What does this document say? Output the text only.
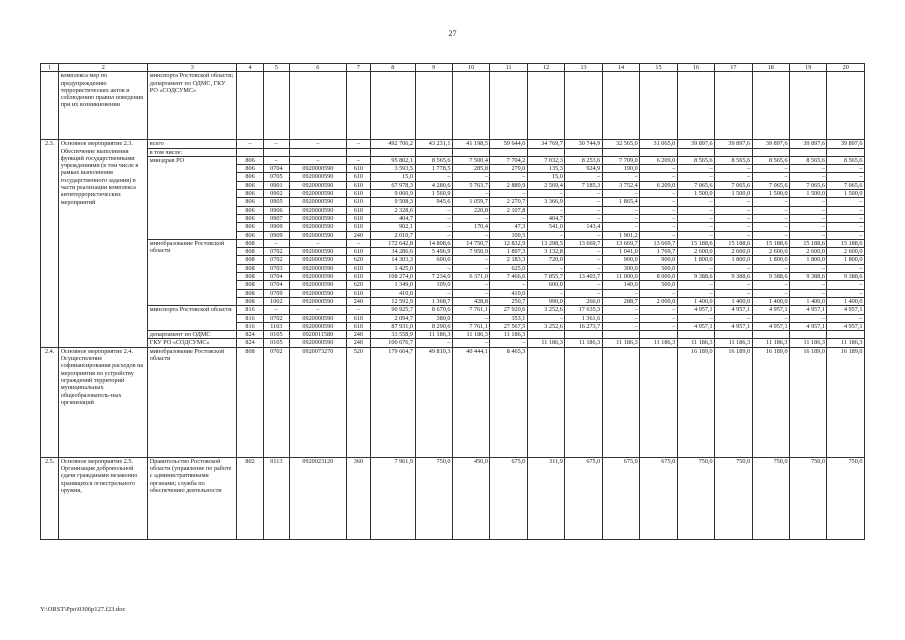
27
1	2	3	4	5	6	7	8	9	10	11	12	13	14	15	16	17	18	19	20
	комплекса мер по предупреждению террористических актов и соблюдению правил поведения при их возникновении	минспорта Ростовской области; департамент по ОДМС, ГКУ РО «СОДСУМС»																	
2.3.	Основное мероприятие 2.3. Обеспечение выполнения функций государственными учреждениями (в том числе в рамках выполнения государственного задания) в части реализации комплекса антитеррористических мероприятий	всего	–	–	–	–	492 706,2	43 231,1	41 198,5	59 644,0	34 769,7	30 744,9	32 565,0	31 065,0	39 897,6	39 897,6	39 897,6	39 897,6	39 897,6
		в том числе:																	
		минздрав РО	806	–	–	–	95 802,1	8 565,6	7 500,4	7 704,2	7 032,3	8 253,6	7 709,0	6 209,0	8 565,6	8 565,6	8 565,6	8 565,6	8 565,6
			806	0704	0920000590	610	3 593,5	1 778,5	285,8	279,0	135,3	924,9	190,0	–	–	–	–	–	–
			806	0705	0920000590	610	15,0	–	–	–	15,0	–	–	–	–	–	–	–	–
			806	0901	0920000590	610	67 978,3	4 280,6	5 763,7	2 889,9	2 569,4	7 185,3	3 752,4	6 209,0	7 065,6	7 065,6	7 065,6	7 065,6	7 065,6
			806	0902	0920000590	610	9 060,9	1 560,9	–	–	–	–	–	–	1 500,0	1 500,0	1 500,0	1 500,0	1 500,0
			806	0905	0920000590	610	9 508,3	945,6	1 059,7	2 270,7	3 366,9	–	1 865,4	–	–	–	–	–	–
			806	0906	0920000590	610	2 328,6	–	220,8	2 107,8	–	–	–	–	–	–	–	–	–
			806	0907	0920000590	610	404,7	–	–	–	404,7	–	–	–	–	–	–	–	–
			806	0909	0920000590	610	902,1	–	170,4	47,3	541,0	143,4	–	–	–	–	–	–	–
			806	0909	0920000590	240	2 010,7	–	–	109,5	–	–	1 901,2	–	–	–	–	–	–
		минобразование Ростовской области	808	–	–	–	172 642,8	14 808,6	14 750,7	12 832,9	13 298,5	13 669,7	13 669,7	13 669,7	15 188,6	15 188,6	15 188,6	15 188,6	15 188,6
			808	0702	0920000590	610	34 286,6	5 496,9	7 950,9	1 897,3	3 132,8	–	1 041,0	1 769,7	2 600,0	2 600,0	2 600,0	2 600,0	2 600,0
			808	0702	0920000590	620	14 303,3	600,0	–	2 183,3	720,0	–	900,0	900,0	1 800,0	1 800,0	1 800,0	1 800,0	1 800,0
			808	0703	0920000590	610	1 425,0	–	–	625,0	–	–	300,0	500,0	–	–	–	–	–
			808	0704	0920000590	610	108 274,0	7 234,0	6 371,0	7 466,6	7 855,7	13 403,7	11 000,0	8 000,0	9 388,6	9 388,6	9 388,6	9 388,6	9 388,6
			808	0704	0920000590	620	1 349,0	109,0	–	–	600,0	–	140,0	500,0	–	–	–	–	–
			808	0709	0920000590	610	410,0	–	–	410,0	–	–	–	–	–	–	–	–	–
			808	1002	0920000590	240	12 592,9	1 368,7	428,8	250,7	990,0	266,0	288,7	2 000,0	1 400,0	1 400,0	1 400,0	1 400,0	1 400,0
		минспорта Ростовской области	816	–	–	–	90 925,7	8 670,6	7 761,1	27 920,6	3 252,6	17 635,3	–	–	4 957,1	4 957,1	4 957,1	4 957,1	4 957,1
			816	0702	0920000590	610	2 094,7	380,0	–	353,1	–	1 361,6	–	–	–	–	–	–	–
			816	1103	0920000590	610	87 931,0	8 290,6	7 761,1	27 567,5	3 252,6	16 273,7	–	–	4 957,1	4 957,1	4 957,1	4 957,1	4 957,1
		департамент по ОДМС	824	0105	0920011580	240	33 558,9	11 186,3	11 186,3	11 186,3									
		ГКУ РО «СОДСУМС»	824	0105	0920000590	240	100 676,7	–	–	–	11 186,3	11 186,3	11 186,3	11 186,3	11 186,3	11 186,3	11 186,3	11 186,3	11 186,3
2.4.	Основное мероприятие 2.4. Осуществление софинансирования расходов на мероприятия по устройству ограждений территорий муниципальных общеобразователь-ных организаций	минобразование Ростовской области	808	0702	0920073270	520	179 664,7	49 810,3	40 444,1	8 465,3					16 189,0	16 189,0	16 189,0	16 189,0	16 189,0
2.5.	Основное мероприятие 2.5. Организация добровольной сдачи гражданами незаконно хранящихся огнестрельного оружия,	Правительство Ростовской области (управление по работе с административными органами; служба по обеспечению деятельности	802	0113	0920023120	360	7 961,9	750,0	450,0	675,0	311,9	675,0	675,0	675,0	750,0	750,0	750,0	750,0	750,0
Y:\ORST\Ppo\0306p127.f23.doc
